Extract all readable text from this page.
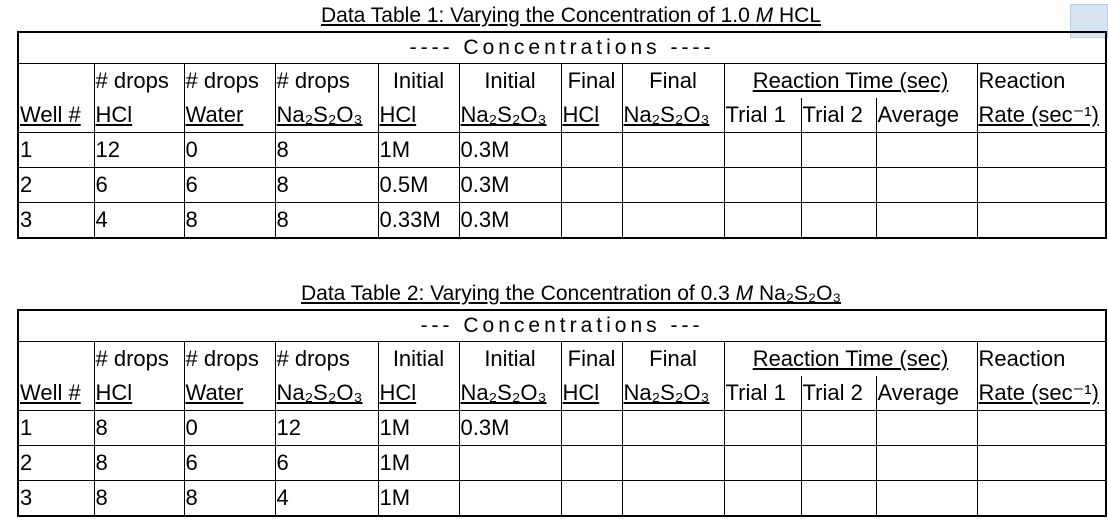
Data Table 1: Varying the Concentration of 1.0 M HCL
---- Concentrations ----											
	# drops	# drops	# drops	Initial	Initial	Final	Final	Reaction Time (sec)			Reaction
Well #	HCl	Water	Na₂S₂O₃	HCl	Na₂S₂O₃	HCl	Na₂S₂O₃	Trial 1	Trial 2	Average	Rate (sec⁻¹)
1	12	0	8	1M	0.3M						
2	6	6	8	0.5M	0.3M						
3	4	8	8	0.33M	0.3M						
Data Table 2: Varying the Concentration of 0.3 M Na₂S₂O₃
--- Concentrations ---											
	# drops	# drops	# drops	Initial	Initial	Final	Final	Reaction Time (sec)			Reaction
Well #	HCl	Water	Na₂S₂O₃	HCl	Na₂S₂O₃	HCl	Na₂S₂O₃	Trial 1	Trial 2	Average	Rate (sec⁻¹)
1	8	0	12	1M	0.3M						
2	8	6	6	1M							
3	8	8	4	1M							
